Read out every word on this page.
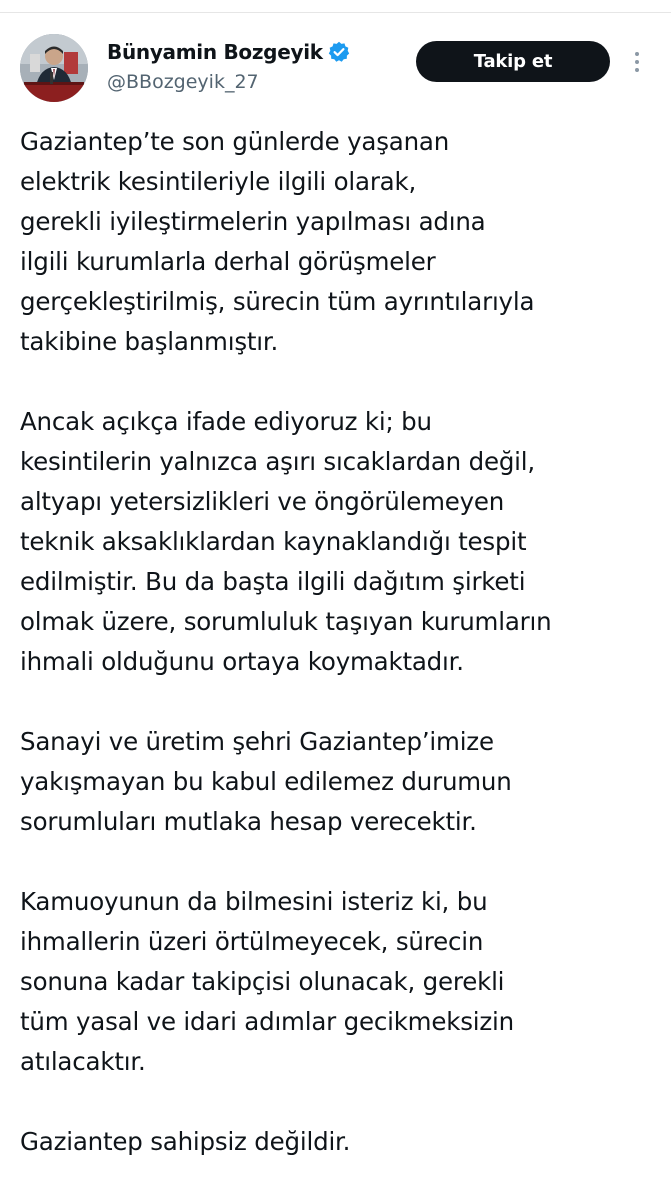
Bünyamin Bozgeyik
@BBozgeyik_27
Takip et
Gaziantep’te son günlerde yaşanan
elektrik kesintileriyle ilgili olarak,
gerekli iyileştirmelerin yapılması adına
ilgili kurumlarla derhal görüşmeler
gerçekleştirilmiş, sürecin tüm ayrıntılarıyla
takibine başlanmıştır.
Ancak açıkça ifade ediyoruz ki; bu
kesintilerin yalnızca aşırı sıcaklardan değil,
altyapı yetersizlikleri ve öngörülemeyen
teknik aksaklıklardan kaynaklandığı tespit
edilmiştir. Bu da başta ilgili dağıtım şirketi
olmak üzere, sorumluluk taşıyan kurumların
ihmali olduğunu ortaya koymaktadır.
Sanayi ve üretim şehri Gaziantep’imize
yakışmayan bu kabul edilemez durumun
sorumluları mutlaka hesap verecektir.
Kamuoyunun da bilmesini isteriz ki, bu
ihmallerin üzeri örtülmeyecek, sürecin
sonuna kadar takipçisi olunacak, gerekli
tüm yasal ve idari adımlar gecikmeksizin
atılacaktır.
Gaziantep sahipsiz değildir.
